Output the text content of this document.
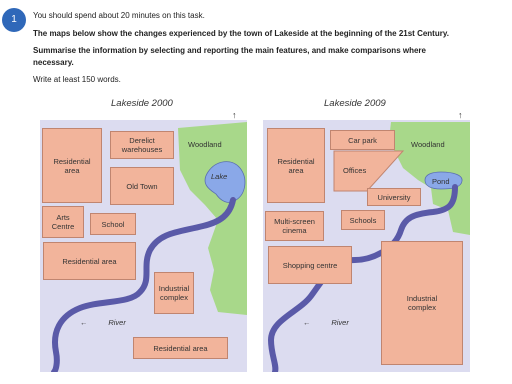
1	You should spend about 20 minutes on this task.
The maps below show the changes experienced by the town of Lakeside at the beginning of the 21st Century.
Summarise the information by selecting and reporting the main features, and make comparisons where
necessary.
Write at least 150 words.
Lakeside 2000	Lakeside 2009
Woodland
Lake
Residential
area
Derelict
warehouses
Old Town
Arts
Centre	School
Residential area
Industrial
complex
Residential area
←          River
↑
Woodland
Pond
Residential
area
Car park
Offices
University
Multi-screen
cinema
Schools
Shopping centre
Industrial
complex
←          River
↑
